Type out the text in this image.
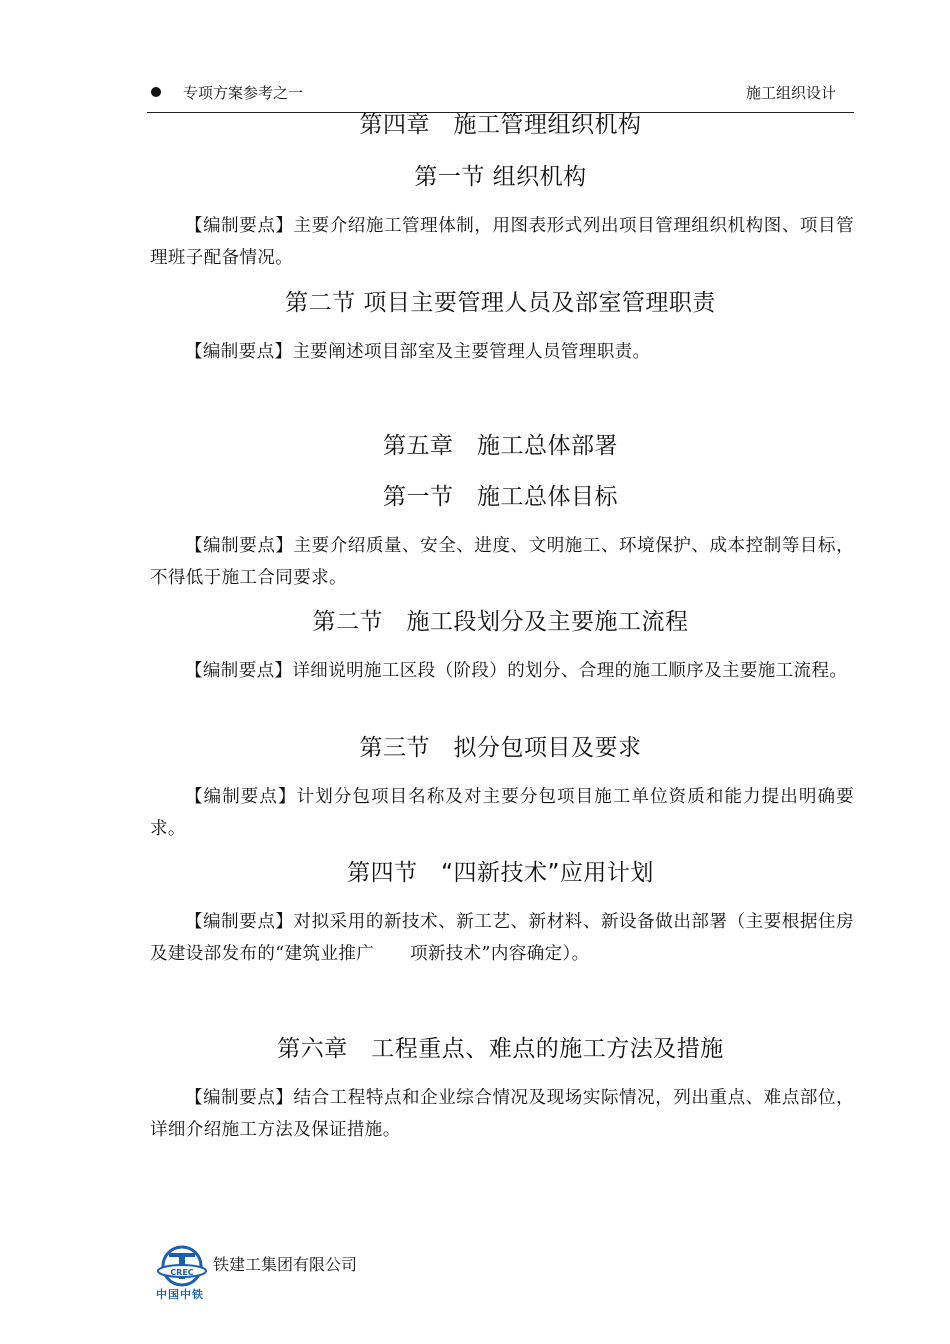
专项方案参考之一	施工组织设计
第四章　施工管理组织机构
第一节 组织机构
【编制要点】主要介绍施工管理体制，用图表形式列出项目管理组织机构图、项目管理班子配备情况。
第二节 项目主要管理人员及部室管理职责
【编制要点】主要阐述项目部室及主要管理人员管理职责。
第五章　施工总体部署
第一节　施工总体目标
【编制要点】主要介绍质量、安全、进度、文明施工、环境保护、成本控制等目标，不得低于施工合同要求。
第二节　施工段划分及主要施工流程
【编制要点】详细说明施工区段（阶段）的划分、合理的施工顺序及主要施工流程。
第三节　拟分包项目及要求
【编制要点】计划分包项目名称及对主要分包项目施工单位资质和能力提出明确要求。
第四节　“四新技术”应用计划
【编制要点】对拟采用的新技术、新工艺、新材料、新设备做出部署（主要根据住房及建设部发布的“建筑业推广　　项新技术”内容确定）。
第六章　工程重点、难点的施工方法及措施
【编制要点】结合工程特点和企业综合情况及现场实际情况，列出重点、难点部位，详细介绍施工方法及保证措施。
CREC
中国中铁
铁建工集团有限公司
